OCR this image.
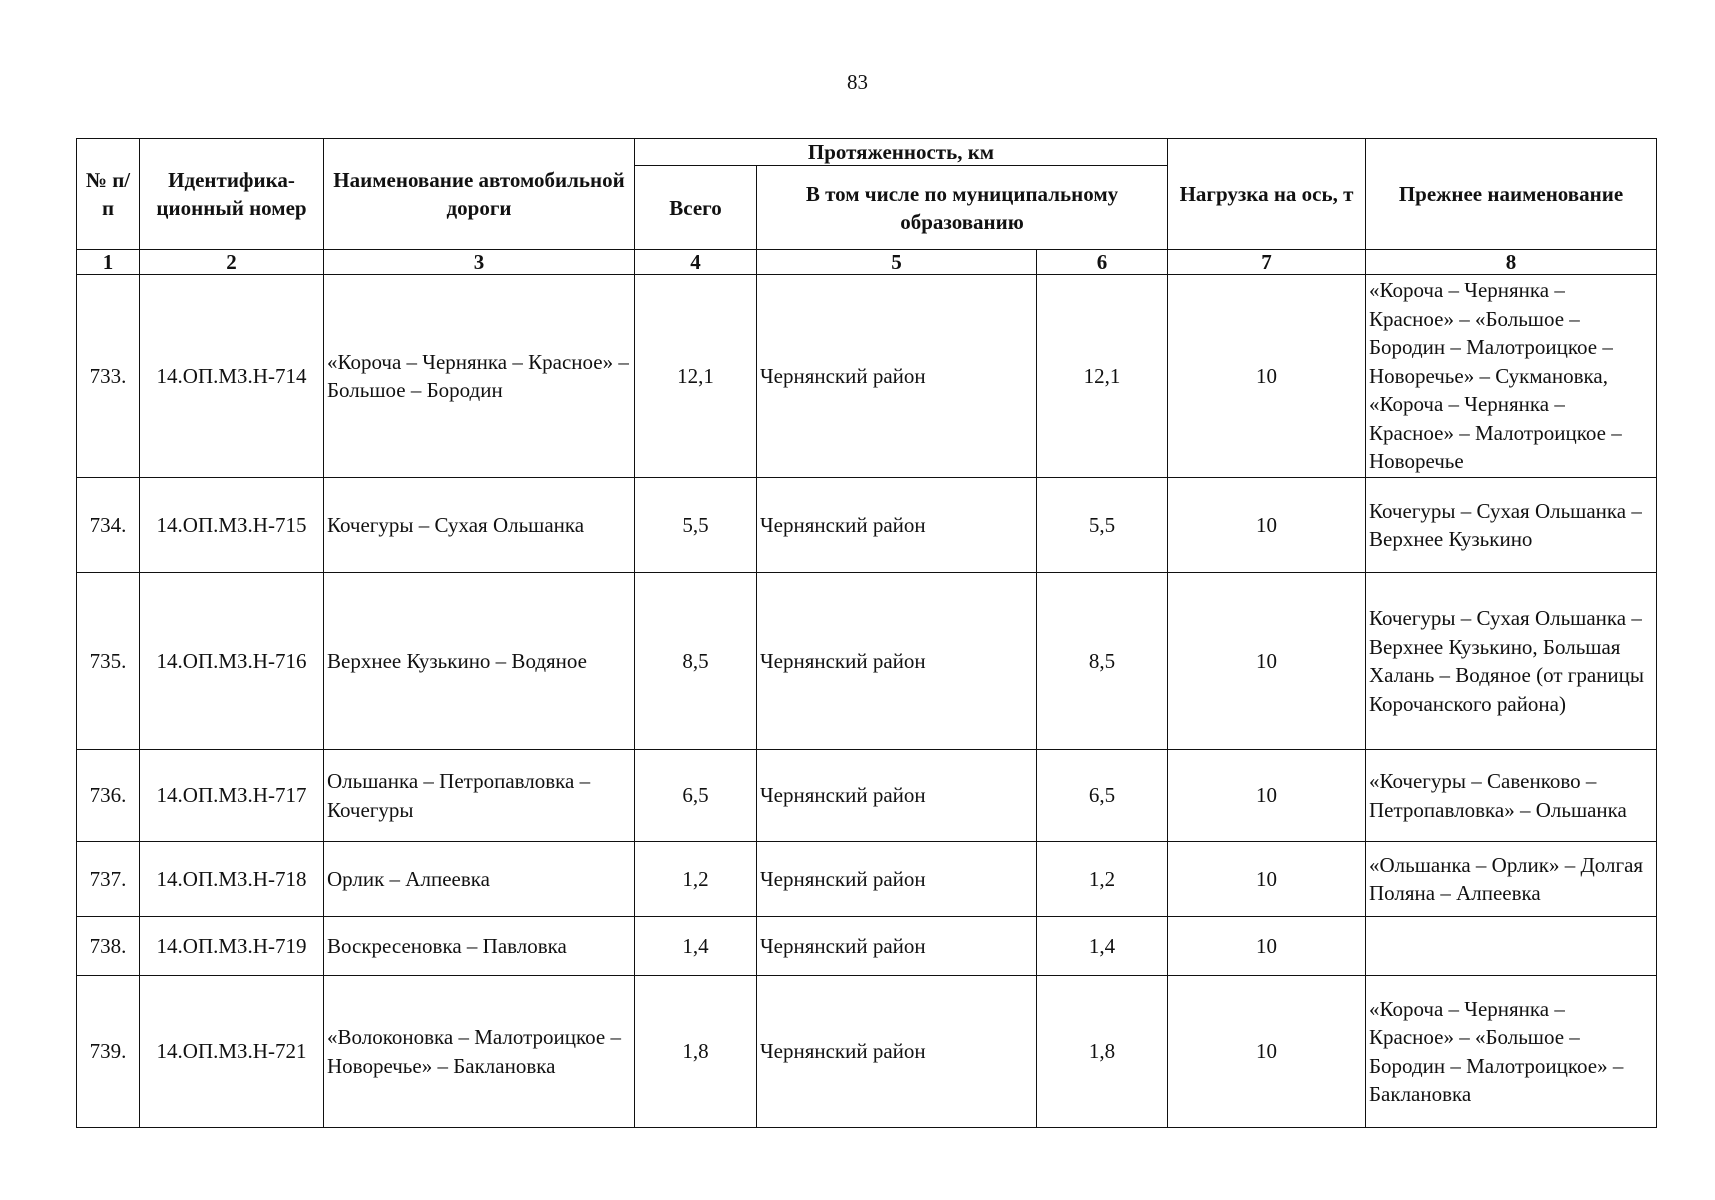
83
№ п/п	Идентифика-ционный номер	Наименование автомобильной дороги	Протяженность, км			Нагрузка на ось, т	Прежнее наименование
			Всего	В том числе по муниципальному образованию			
1	2	3	4	5	6	7	8
733.	14.ОП.МЗ.Н-714	«Короча – Чернянка – Красное» – Большое – Бородин	12,1	Чернянский район	12,1	10	«Короча – Чернянка – Красное» – «Большое – Бородин – Малотроицкое – Новоречье» – Сукмановка, «Короча – Чернянка – Красное» – Малотроицкое – Новоречье
734.	14.ОП.МЗ.Н-715	Кочегуры – Сухая Ольшанка	5,5	Чернянский район	5,5	10	Кочегуры – Сухая Ольшанка – Верхнее Кузькино
735.	14.ОП.МЗ.Н-716	Верхнее Кузькино – Водяное	8,5	Чернянский район	8,5	10	Кочегуры – Сухая Ольшанка – Верхнее Кузькино, Большая Халань – Водяное (от границы Корочанского района)
736.	14.ОП.МЗ.Н-717	Ольшанка – Петропавловка – Кочегуры	6,5	Чернянский район	6,5	10	«Кочегуры – Савенково – Петропавловка» – Ольшанка
737.	14.ОП.МЗ.Н-718	Орлик – Алпеевка	1,2	Чернянский район	1,2	10	«Ольшанка – Орлик» – Долгая Поляна – Алпеевка
738.	14.ОП.МЗ.Н-719	Воскресеновка – Павловка	1,4	Чернянский район	1,4	10	
739.	14.ОП.МЗ.Н-721	«Волоконовка – Малотроицкое – Новоречье» – Баклановка	1,8	Чернянский район	1,8	10	«Короча – Чернянка – Красное» – «Большое – Бородин – Малотроицкое» – Баклановка
